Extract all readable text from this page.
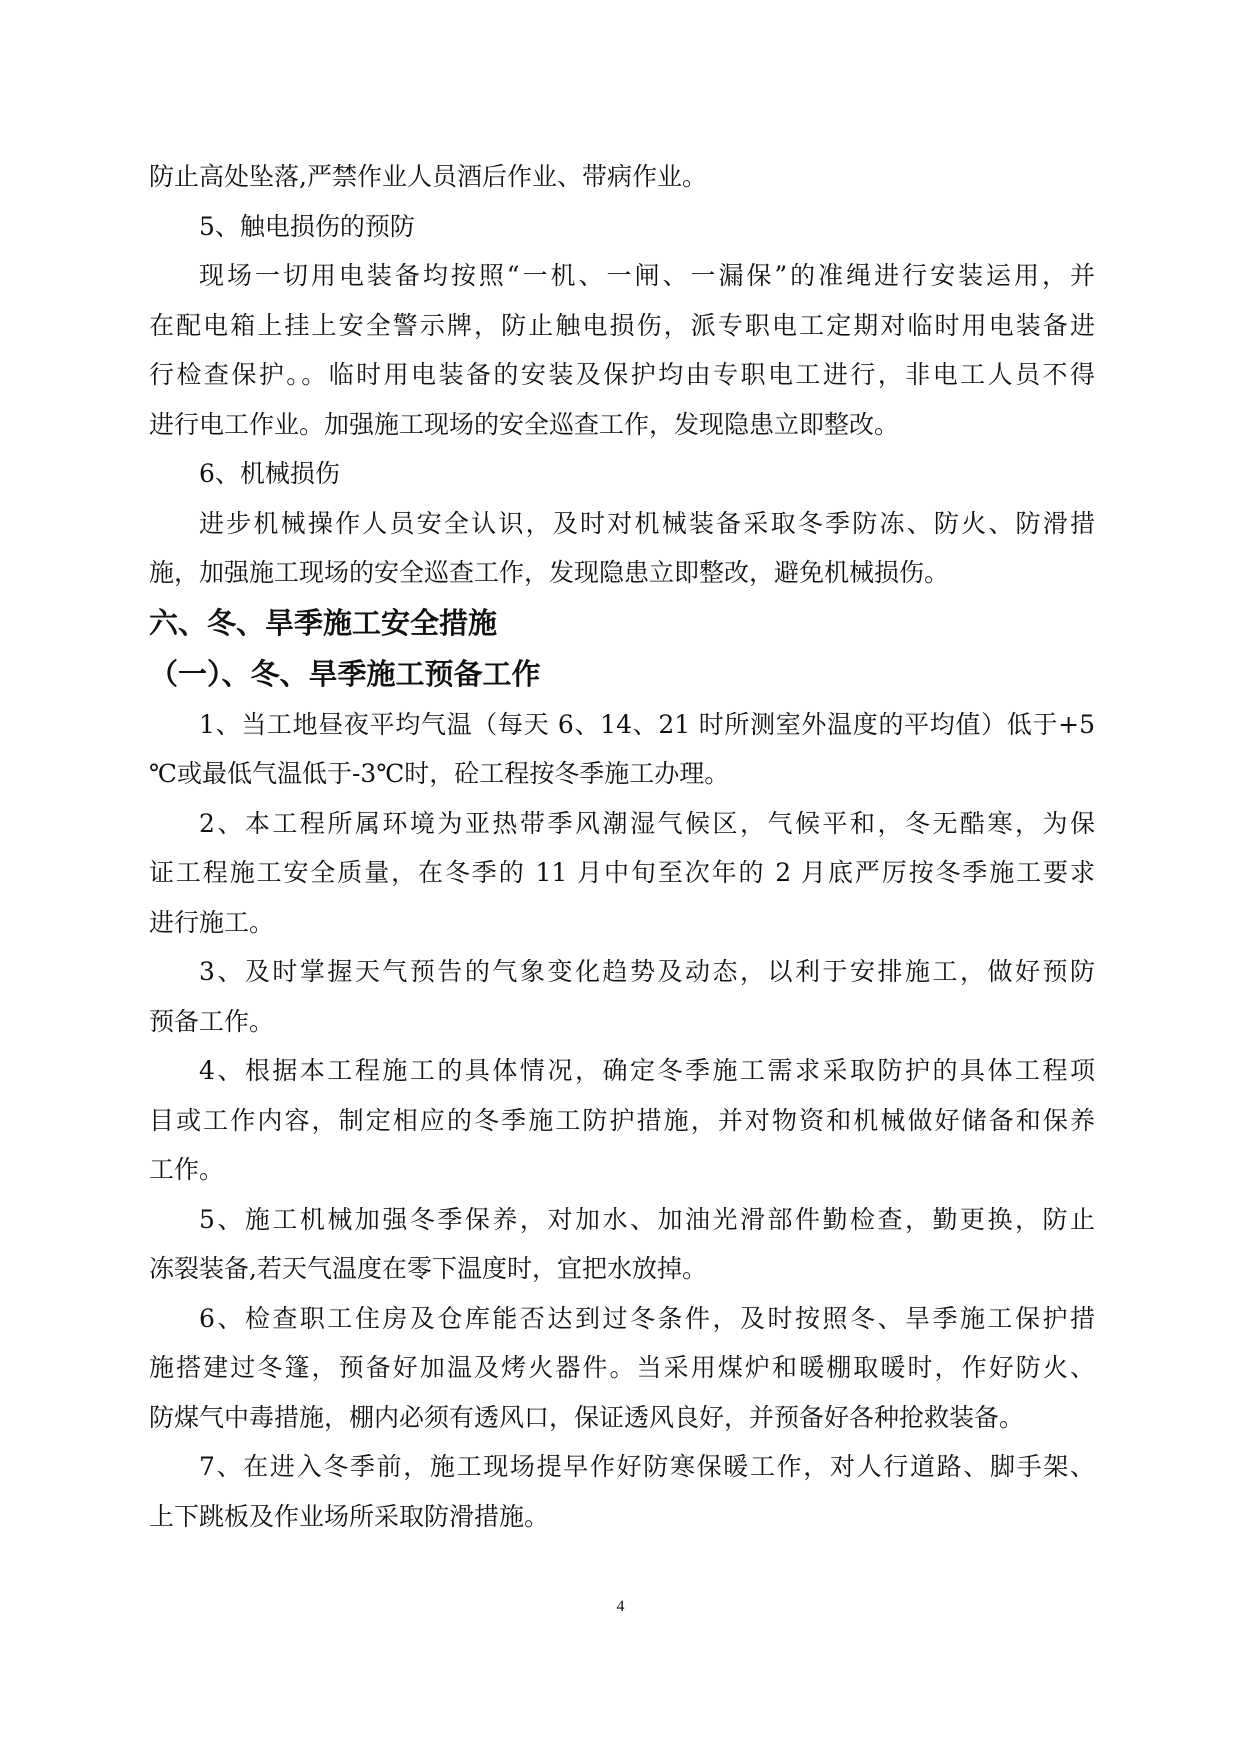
防止高处坠落,严禁作业人员酒后作业、带病作业。

5、触电损伤的预防

现场一切用电装备均按照“一机、一闸、一漏保”的准绳进行安装运用，并

在配电箱上挂上安全警示牌，防止触电损伤，派专职电工定期对临时用电装备进

行检查保护。。临时用电装备的安装及保护均由专职电工进行，非电工人员不得

进行电工作业。加强施工现场的安全巡查工作，发现隐患立即整改。

6、机械损伤

进步机械操作人员安全认识，及时对机械装备采取冬季防冻、防火、防滑措

施，加强施工现场的安全巡查工作，发现隐患立即整改，避免机械损伤。

六、冬、旱季施工安全措施
（一）、冬、旱季施工预备工作

1、当工地昼夜平均气温（每天 6、14、21 时所测室外温度的平均值）低于+5

℃或最低气温低于-3℃时，砼工程按冬季施工办理。

2、本工程所属环境为亚热带季风潮湿气候区，气候平和，冬无酷寒，为保

证工程施工安全质量，在冬季的 11 月中旬至次年的 2 月底严厉按冬季施工要求

进行施工。

3、及时掌握天气预告的气象变化趋势及动态，以利于安排施工，做好预防

预备工作。

4、根据本工程施工的具体情况，确定冬季施工需求采取防护的具体工程项

目或工作内容，制定相应的冬季施工防护措施，并对物资和机械做好储备和保养

工作。

5、施工机械加强冬季保养，对加水、加油光滑部件勤检查，勤更换，防止

冻裂装备,若天气温度在零下温度时，宜把水放掉。

6、检查职工住房及仓库能否达到过冬条件，及时按照冬、旱季施工保护措

施搭建过冬篷，预备好加温及烤火器件。当采用煤炉和暖棚取暖时，作好防火、

防煤气中毒措施，棚内必须有透风口，保证透风良好，并预备好各种抢救装备。

7、在进入冬季前，施工现场提早作好防寒保暖工作，对人行道路、脚手架、

上下跳板及作业场所采取防滑措施。

4
